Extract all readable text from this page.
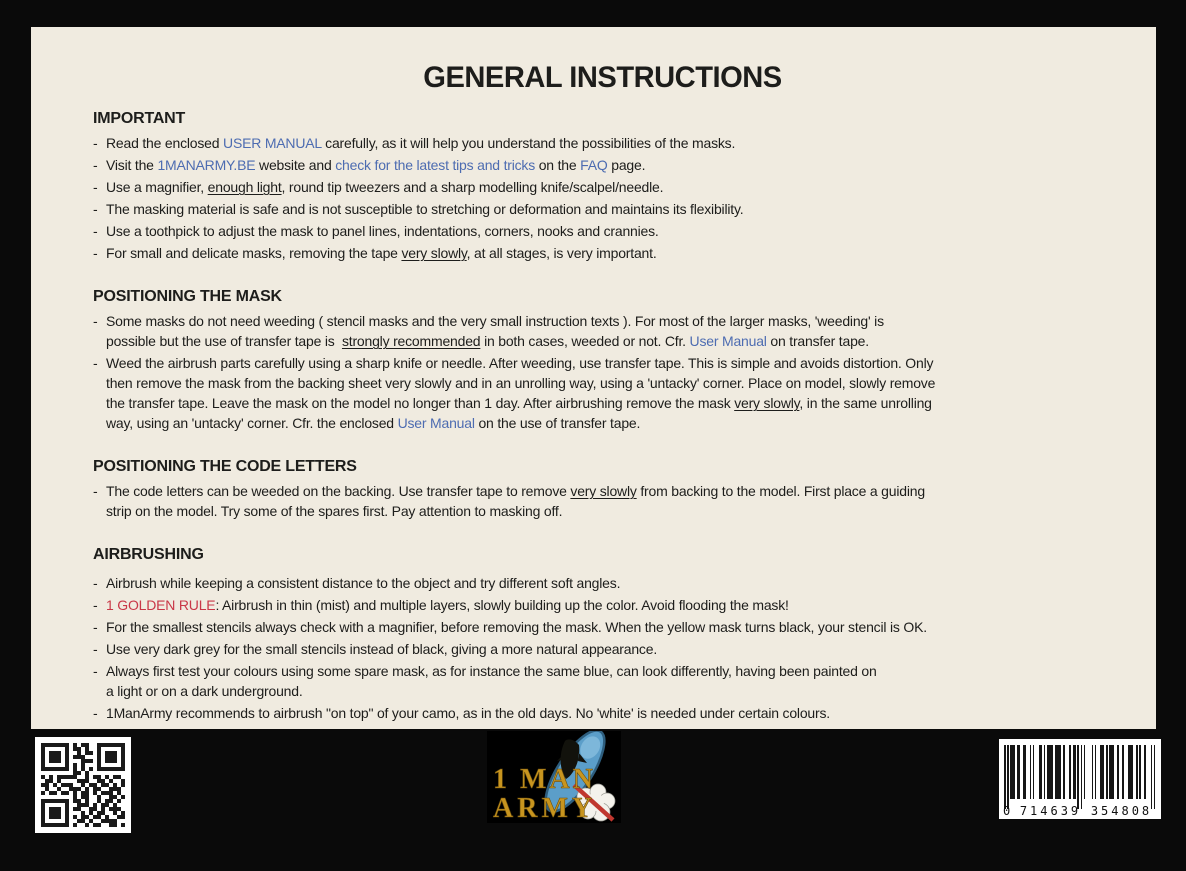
GENERAL INSTRUCTIONS
IMPORTANT
- Read the enclosed USER MANUAL carefully, as it will help you understand the possibilities of the masks.
- Visit the 1MANARMY.BE website and check for the latest tips and tricks on the FAQ page.
- Use a magnifier, enough light, round tip tweezers and a sharp modelling knife/scalpel/needle.
- The masking material is safe and is not susceptible to stretching or deformation and maintains its flexibility.
- Use a toothpick to adjust the mask to panel lines, indentations, corners, nooks and crannies.
- For small and delicate masks, removing the tape very slowly, at all stages, is very important.
POSITIONING THE MASK
- Some masks do not need weeding ( stencil masks and the very small instruction texts ). For most of the larger masks, 'weeding' is
possible but the use of transfer tape is  strongly recommended in both cases, weeded or not. Cfr. User Manual on transfer tape.
- Weed the airbrush parts carefully using a sharp knife or needle. After weeding, use transfer tape. This is simple and avoids distortion. Only
then remove the mask from the backing sheet very slowly and in an unrolling way, using a 'untacky' corner. Place on model, slowly remove
the transfer tape. Leave the mask on the model no longer than 1 day. After airbrushing remove the mask very slowly, in the same unrolling
way, using an 'untacky' corner. Cfr. the enclosed User Manual on the use of transfer tape.
POSITIONING THE CODE LETTERS
- The code letters can be weeded on the backing. Use transfer tape to remove very slowly from backing to the model. First place a guiding
strip on the model. Try some of the spares first. Pay attention to masking off.
AIRBRUSHING
- Airbrush while keeping a consistent distance to the object and try different soft angles.
- 1 GOLDEN RULE: Airbrush in thin (mist) and multiple layers, slowly building up the color. Avoid flooding the mask!
- For the smallest stencils always check with a magnifier, before removing the mask. When the yellow mask turns black, your stencil is OK.
- Use very dark grey for the small stencils instead of black, giving a more natural appearance.
- Always first test your colours using some spare mask, as for instance the same blue, can look differently, having been painted on
a light or on a dark underground.
- 1ManArmy recommends to airbrush "on top" of your camo, as in the old days. No 'white' is needed under certain colours.
1 MAN
ARMY	0 714639 354808
